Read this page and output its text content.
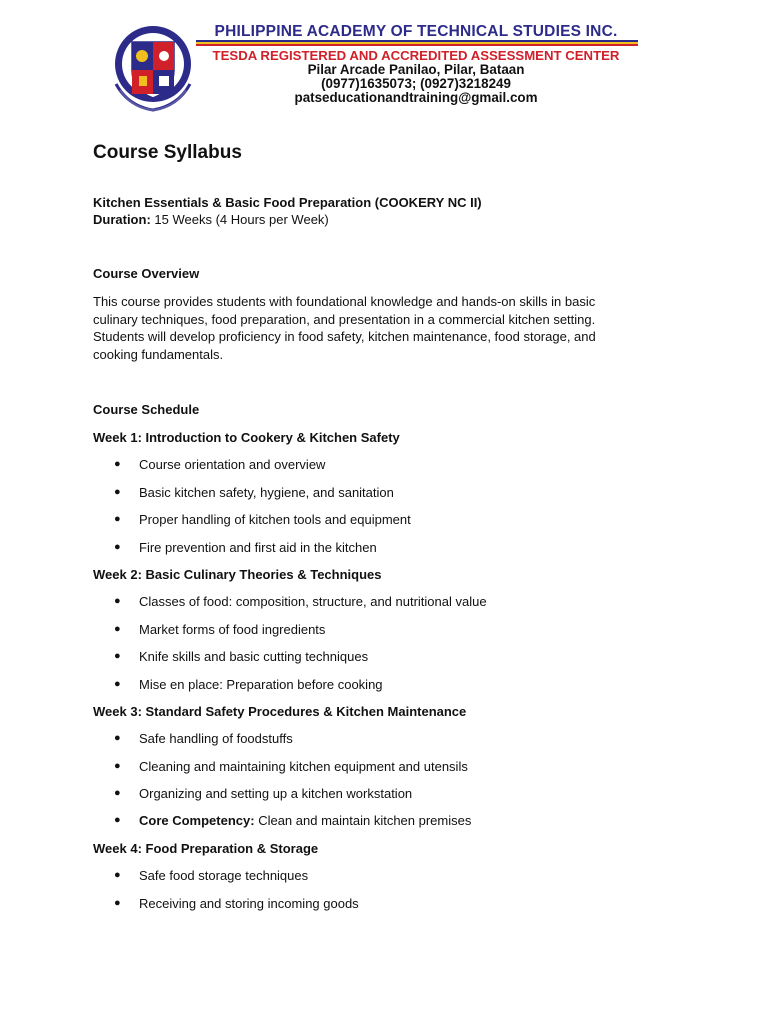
PHILIPPINE ACADEMY OF TECHNICAL STUDIES INC.
TESDA REGISTERED AND ACCREDITED ASSESSMENT CENTER
Pilar Arcade Panilao, Pilar, Bataan
(0977)1635073; (0927)3218249
patseducationandtraining@gmail.com
Course Syllabus
Kitchen Essentials & Basic Food Preparation (COOKERY NC II)
Duration: 15 Weeks (4 Hours per Week)
Course Overview
This course provides students with foundational knowledge and hands-on skills in basic culinary techniques, food preparation, and presentation in a commercial kitchen setting. Students will develop proficiency in food safety, kitchen maintenance, food storage, and cooking fundamentals.
Course Schedule
Week 1: Introduction to Cookery & Kitchen Safety
● Course orientation and overview
● Basic kitchen safety, hygiene, and sanitation
● Proper handling of kitchen tools and equipment
● Fire prevention and first aid in the kitchen
Week 2: Basic Culinary Theories & Techniques
● Classes of food: composition, structure, and nutritional value
● Market forms of food ingredients
● Knife skills and basic cutting techniques
● Mise en place: Preparation before cooking
Week 3: Standard Safety Procedures & Kitchen Maintenance
● Safe handling of foodstuffs
● Cleaning and maintaining kitchen equipment and utensils
● Organizing and setting up a kitchen workstation
● Core Competency: Clean and maintain kitchen premises
Week 4: Food Preparation & Storage
● Safe food storage techniques
● Receiving and storing incoming goods
